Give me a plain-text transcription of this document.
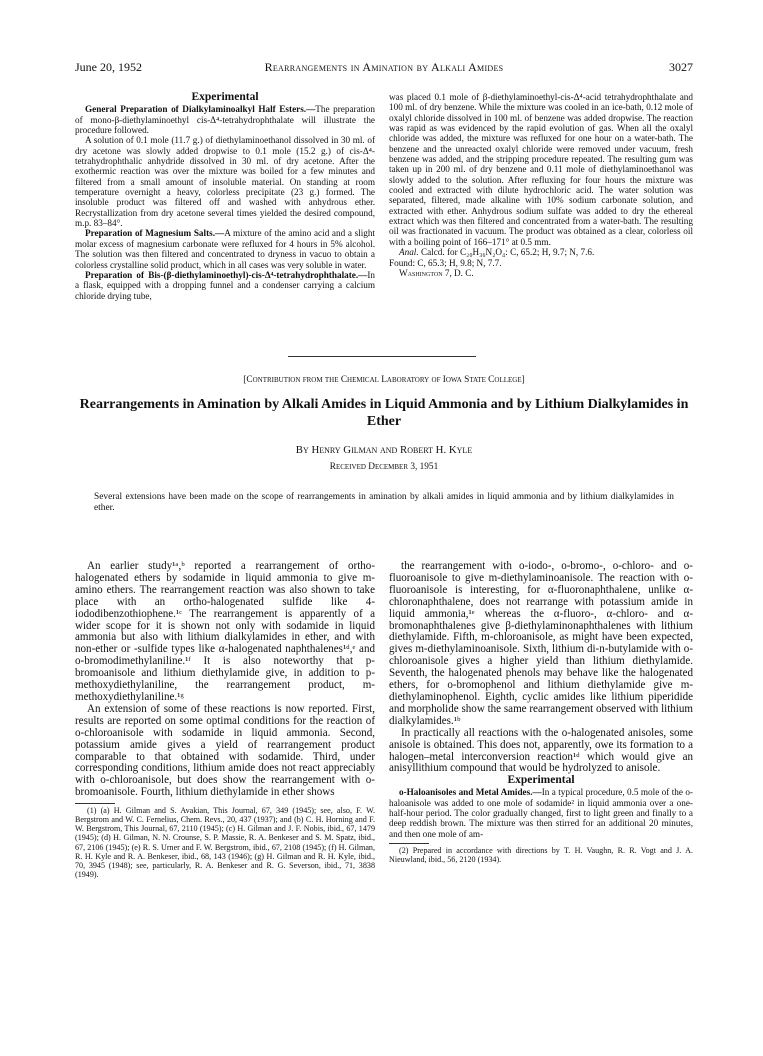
June 20, 1952	Rearrangements in Amination by Alkali Amides	3027

Experimental

General Preparation of Dialkylaminoalkyl Half Esters.—The preparation of mono-β-diethylaminoethyl cis-Δ⁴-tetrahydrophthalate will illustrate the procedure followed.

A solution of 0.1 mole (11.7 g.) of diethylaminoethanol dissolved in 30 ml. of dry acetone was slowly added dropwise to 0.1 mole (15.2 g.) of cis-Δ⁴-tetrahydrophthalic anhydride dissolved in 30 ml. of dry acetone. After the exothermic reaction was over the mixture was boiled for a few minutes and filtered from a small amount of insoluble material. On standing at room temperature overnight a heavy, colorless precipitate (23 g.) formed. The insoluble product was filtered off and washed with anhydrous ether. Recrystallization from dry acetone several times yielded the desired compound, m.p. 83–84°.

Preparation of Magnesium Salts.—A mixture of the amino acid and a slight molar excess of magnesium carbonate were refluxed for 4 hours in 5% alcohol. The solution was then filtered and concentrated to dryness in vacuo to obtain a colorless crystalline solid product, which in all cases was very soluble in water.

Preparation of Bis-(β-diethylaminoethyl)-cis-Δ⁴-tetrahydrophthalate.—In a flask, equipped with a dropping funnel and a condenser carrying a calcium chloride drying tube,

was placed 0.1 mole of β-diethylaminoethyl-cis-Δ⁴-acid tetrahydrophthalate and 100 ml. of dry benzene. While the mixture was cooled in an ice-bath, 0.12 mole of oxalyl chloride dissolved in 100 ml. of benzene was added dropwise. The reaction was rapid as was evidenced by the rapid evolution of gas. When all the oxalyl chloride was added, the mixture was refluxed for one hour on a water-bath. The benzene and the unreacted oxalyl chloride were removed under vacuum, fresh benzene was added, and the stripping procedure repeated. The resulting gum was taken up in 200 ml. of dry benzene and 0.11 mole of diethylaminoethanol was slowly added to the solution. After refluxing for four hours the mixture was cooled and extracted with dilute hydrochloric acid. The water solution was separated, filtered, made alkaline with 10% sodium carbonate solution, and extracted with ether. Anhydrous sodium sulfate was added to dry the ethereal extract which was then filtered and concentrated from a water-bath. The resulting oil was fractionated in vacuum. The product was obtained as a clear, colorless oil with a boiling point of 166–171° at 0.5 mm.

Anal. Calcd. for C₂₀H₃₆N₂O₄: C, 65.2; H, 9.7; N, 7.6.

Found: C, 65.3; H, 9.8; N, 7.7.

Washington 7, D. C.

[Contribution from the Chemical Laboratory of Iowa State College]
Rearrangements in Amination by Alkali Amides in Liquid Ammonia and by Lithium Dialkylamides in Ether
By Henry Gilman and Robert H. Kyle
Received December 3, 1951
Several extensions have been made on the scope of rearrangements in amination by alkali amides in liquid ammonia and by lithium dialkylamides in ether.

An earlier study¹ᵃ,ᵇ reported a rearrangement of ortho-halogenated ethers by sodamide in liquid ammonia to give m-amino ethers. The rearrangement reaction was also shown to take place with an ortho-halogenated sulfide like 4-iododibenzothiophene.¹ᶜ The rearrangement is apparently of a wider scope for it is shown not only with sodamide in liquid ammonia but also with lithium dialkylamides in ether, and with non-ether or -sulfide types like α-halogenated naphthalenes¹ᵈ,ᵉ and o-bromodimethylaniline.¹ᶠ It is also noteworthy that p-bromoanisole and lithium diethylamide give, in addition to p-methoxydiethylaniline, the rearrangement product, m-methoxydiethylaniline.¹ᵍ

An extension of some of these reactions is now reported. First, results are reported on some optimal conditions for the reaction of o-chloroanisole with sodamide in liquid ammonia. Second, potassium amide gives a yield of rearrangement product comparable to that obtained with sodamide. Third, under corresponding conditions, lithium amide does not react appreciably with o-chloroanisole, but does show the rearrangement with o-bromoanisole. Fourth, lithium diethylamide in ether shows

(1) (a) H. Gilman and S. Avakian, This Journal, 67, 349 (1945); see, also, F. W. Bergstrom and W. C. Fernelius, Chem. Revs., 20, 437 (1937); and (b) C. H. Horning and F. W. Bergstrom, This Journal, 67, 2110 (1945); (c) H. Gilman and J. F. Nobis, ibid., 67, 1479 (1945); (d) H. Gilman, N. N. Crounse, S. P. Massie, R. A. Benkeser and S. M. Spatz, ibid., 67, 2106 (1945); (e) R. S. Urner and F. W. Bergstrom, ibid., 67, 2108 (1945); (f) H. Gilman, R. H. Kyle and R. A. Benkeser, ibid., 68, 143 (1946); (g) H. Gilman and R. H. Kyle, ibid., 70, 3945 (1948); see, particularly, R. A. Benkeser and R. G. Severson, ibid., 71, 3838 (1949).

the rearrangement with o-iodo-, o-bromo-, o-chloro- and o-fluoroanisole to give m-diethylaminoanisole. The reaction with o-fluoroanisole is interesting, for α-fluoronaphthalene, unlike α-chloronaphthalene, does not rearrange with potassium amide in liquid ammonia,¹ᵉ whereas the α-fluoro-, α-chloro- and α-bromonaphthalenes give β-diethylaminonaphthalenes with lithium diethylamide. Fifth, m-chloroanisole, as might have been expected, gives m-diethylaminoanisole. Sixth, lithium di-n-butylamide with o-chloroanisole gives a higher yield than lithium diethylamide. Seventh, the halogenated phenols may behave like the halogenated ethers, for o-bromophenol and lithium diethylamide give m-diethylaminophenol. Eighth, cyclic amides like lithium piperidide and morpholide show the same rearrangement observed with lithium dialkylamides.¹ᵇ

In practically all reactions with the o-halogenated anisoles, some anisole is obtained. This does not, apparently, owe its formation to a halogen–metal interconversion reaction¹ᵈ which would give an anisyllithium compound that would be hydrolyzed to anisole.

Experimental

o-Haloanisoles and Metal Amides.—In a typical procedure, 0.5 mole of the o-haloanisole was added to one mole of sodamide² in liquid ammonia over a one-half-hour period. The color gradually changed, first to light green and finally to a deep reddish brown. The mixture was then stirred for an additional 20 minutes, and then one mole of am-

(2) Prepared in accordance with directions by T. H. Vaughn, R. R. Vogt and J. A. Nieuwland, ibid., 56, 2120 (1934).
